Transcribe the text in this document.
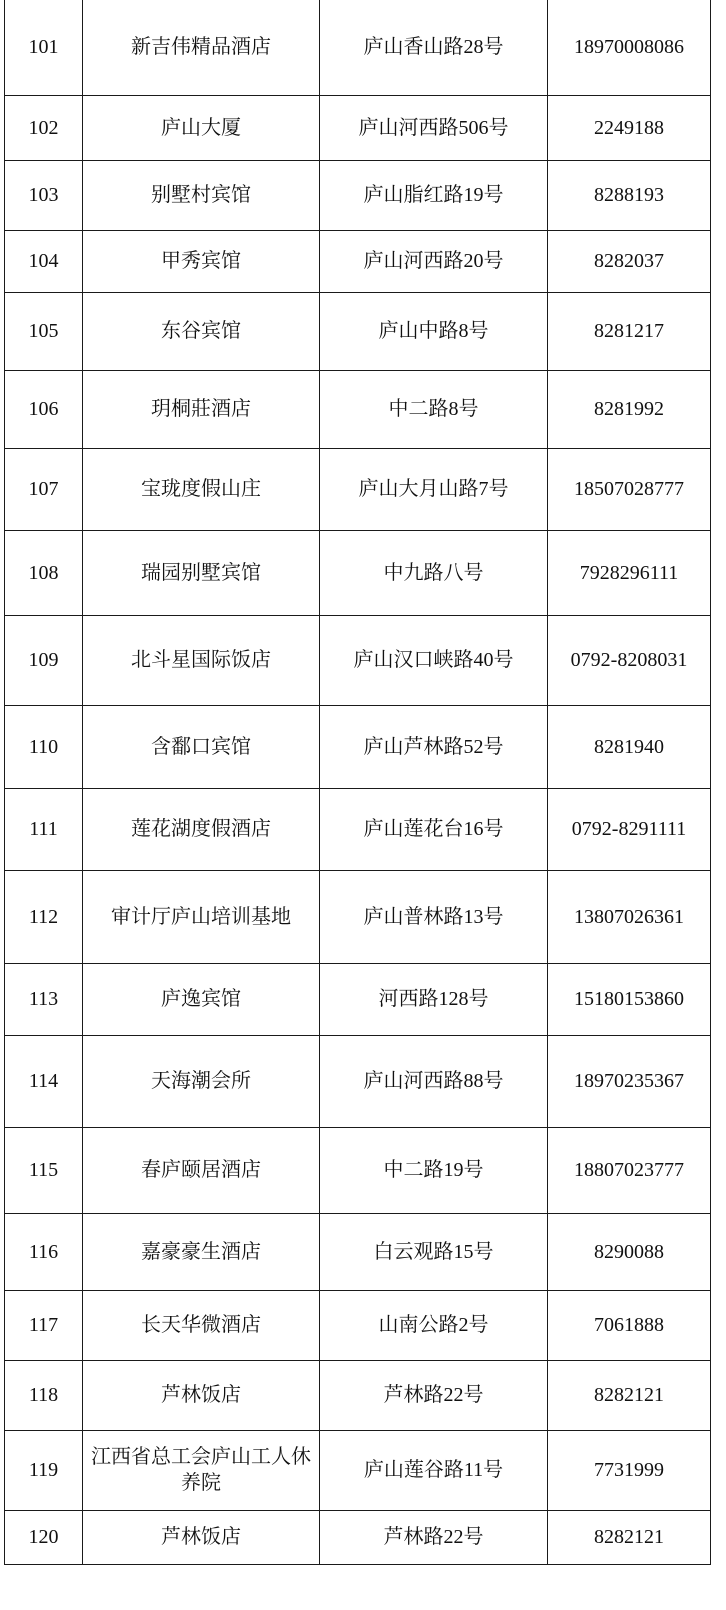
101	新吉伟精品酒店	庐山香山路28号	18970008086
102	庐山大厦	庐山河西路506号	2249188
103	别墅村宾馆	庐山脂红路19号	8288193
104	甲秀宾馆	庐山河西路20号	8282037
105	东谷宾馆	庐山中路8号	8281217
106	玥桐莊酒店	中二路8号	8281992
107	宝珑度假山庄	庐山大月山路7号	18507028777
108	瑞园别墅宾馆	中九路八号	7928296111
109	北斗星国际饭店	庐山汉口峡路40号	0792-8208031
110	含鄱口宾馆	庐山芦林路52号	8281940
111	莲花湖度假酒店	庐山莲花台16号	0792-8291111
112	审计厅庐山培训基地	庐山普林路13号	13807026361
113	庐逸宾馆	河西路128号	15180153860
114	天海潮会所	庐山河西路88号	18970235367
115	春庐颐居酒店	中二路19号	18807023777
116	嘉豪豪生酒店	白云观路15号	8290088
117	长天华微酒店	山南公路2号	7061888
118	芦林饭店	芦林路22号	8282121
119	江西省总工会庐山工人休养院	庐山莲谷路11号	7731999
120	芦林饭店	芦林路22号	8282121
